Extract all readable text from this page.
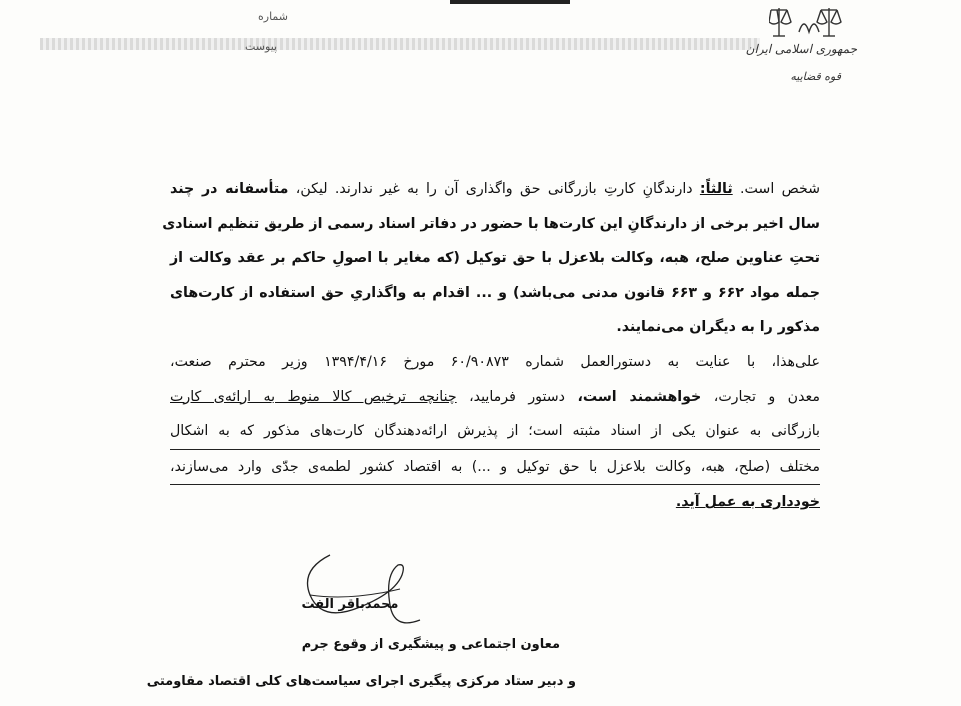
شماره
پیوست	جمهوری اسلامی ایران
قوه قضاییه
شخص است. ثالثاً: دارندگانِ کارتِ بازرگانی حق واگذاری آن را به غیر ندارند. لیکن، متأسفانه در چند
سال اخیر برخی از دارندگانِ این کارت‌ها با حضور در دفاتر اسناد رسمی از طریق تنظیم اسنادی
تحتِ عناوین صلح، هبه، وکالت بلاعزل با حق توکیل (که مغایر با اصولِ حاکم بر عقد وکالت از
جمله مواد ۶۶۲ و ۶۶۳ قانون مدنی می‌باشد) و ... اقدام به واگذاریِ حق استفاده از کارت‌های
مذکور را به دیگران می‌نمایند.
علی‌هذا، با عنایت به دستورالعمل شماره ۶۰/۹۰۸۷۳ مورخ ۱۳۹۴/۴/۱۶ وزیر محترم صنعت،
معدن و تجارت، خواهشمند است، دستور فرمایید، چنانچه ترخیص کالا منوط به ارائه‌ی کارت
بازرگانی به عنوان یکی از اسناد مثبته است؛ از پذیرش ارائه‌دهندگان کارت‌های مذکور که به اشکال
مختلف (صلح، هبه، وکالت بلاعزل با حق توکیل و ...) به اقتصاد کشور لطمه‌ی جدّی وارد می‌سازند،
خودداری به عمل آید.
محمدباقر الفت
معاون اجتماعی و پیشگیری از وقوع جرم
و دبیر ستاد مرکزی پیگیری اجرای سیاست‌های کلی اقتصاد مقاومتی
